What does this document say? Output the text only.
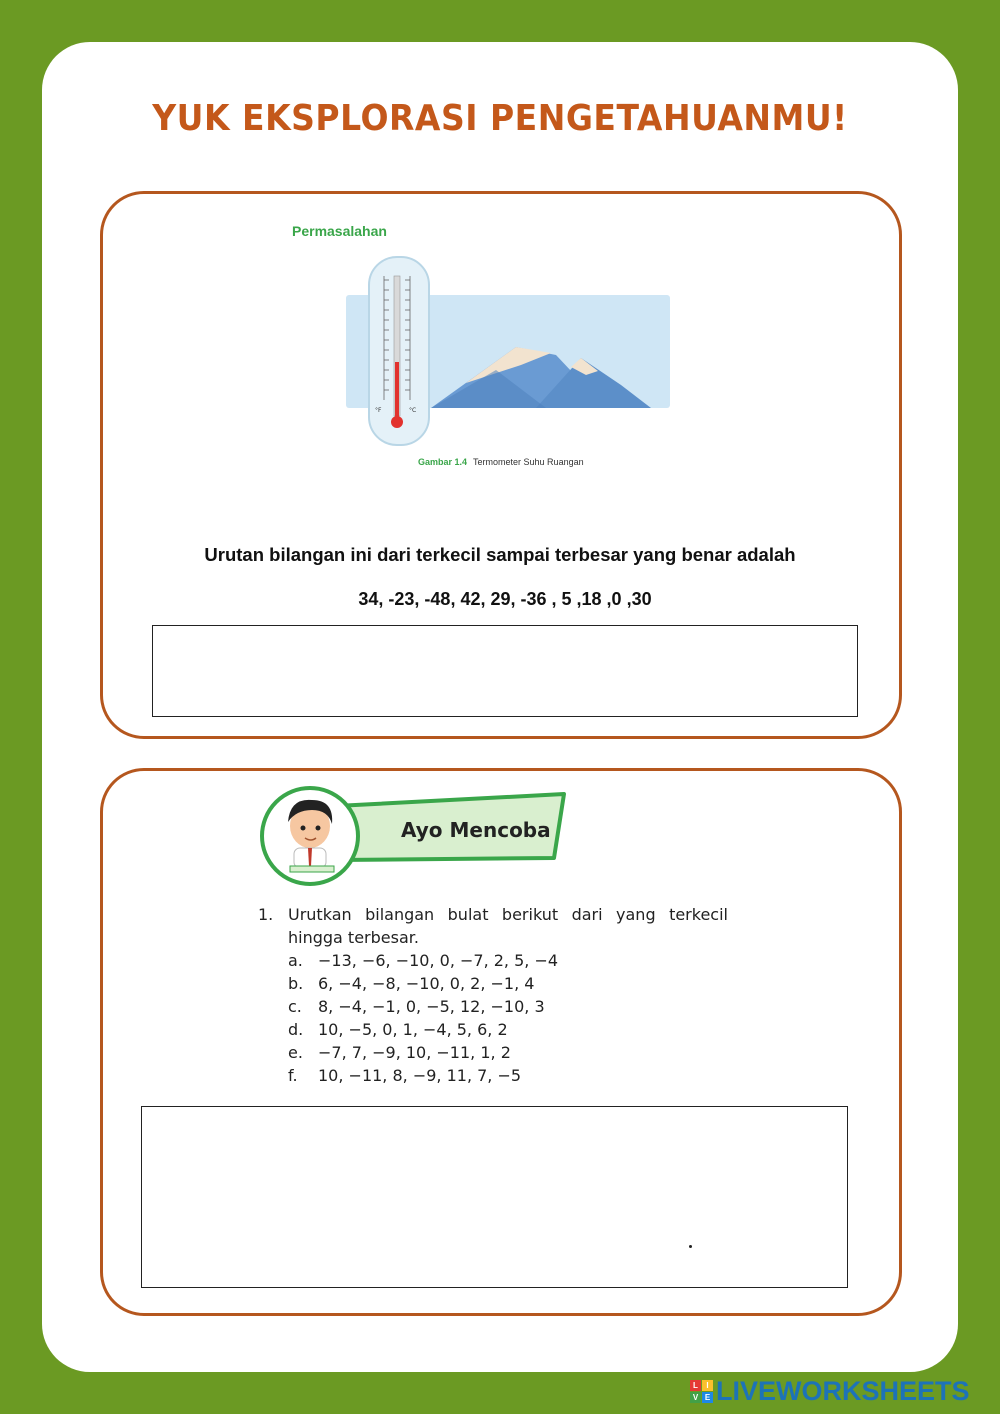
YUK EKSPLORASI PENGETAHUANMU!
Permasalahan
°F	°C
Gambar 1.4 Termometer Suhu Ruangan
Urutan bilangan ini dari terkecil sampai terbesar yang benar adalah
34, -23, -48, 42, 29, -36 , 5 ,18 ,0 ,30
Ayo Mencoba
1. Urutkan bilangan bulat berikut dari yang terkecil
hingga terbesar.
a. −13, −6, −10, 0, −7, 2, 5, −4
b. 6, −4, −8, −10, 0, 2, −1, 4
c.	8, −4, −1, 0, −5, 12, −10, 3
d. 10, −5, 0, 1, −4, 5, 6, 2
e. −7, 7, −9, 10, −11, 1, 2
f.	10, −11, 8, −9, 11, 7, −5
L	I
V E LIVEWORKSHEETS
